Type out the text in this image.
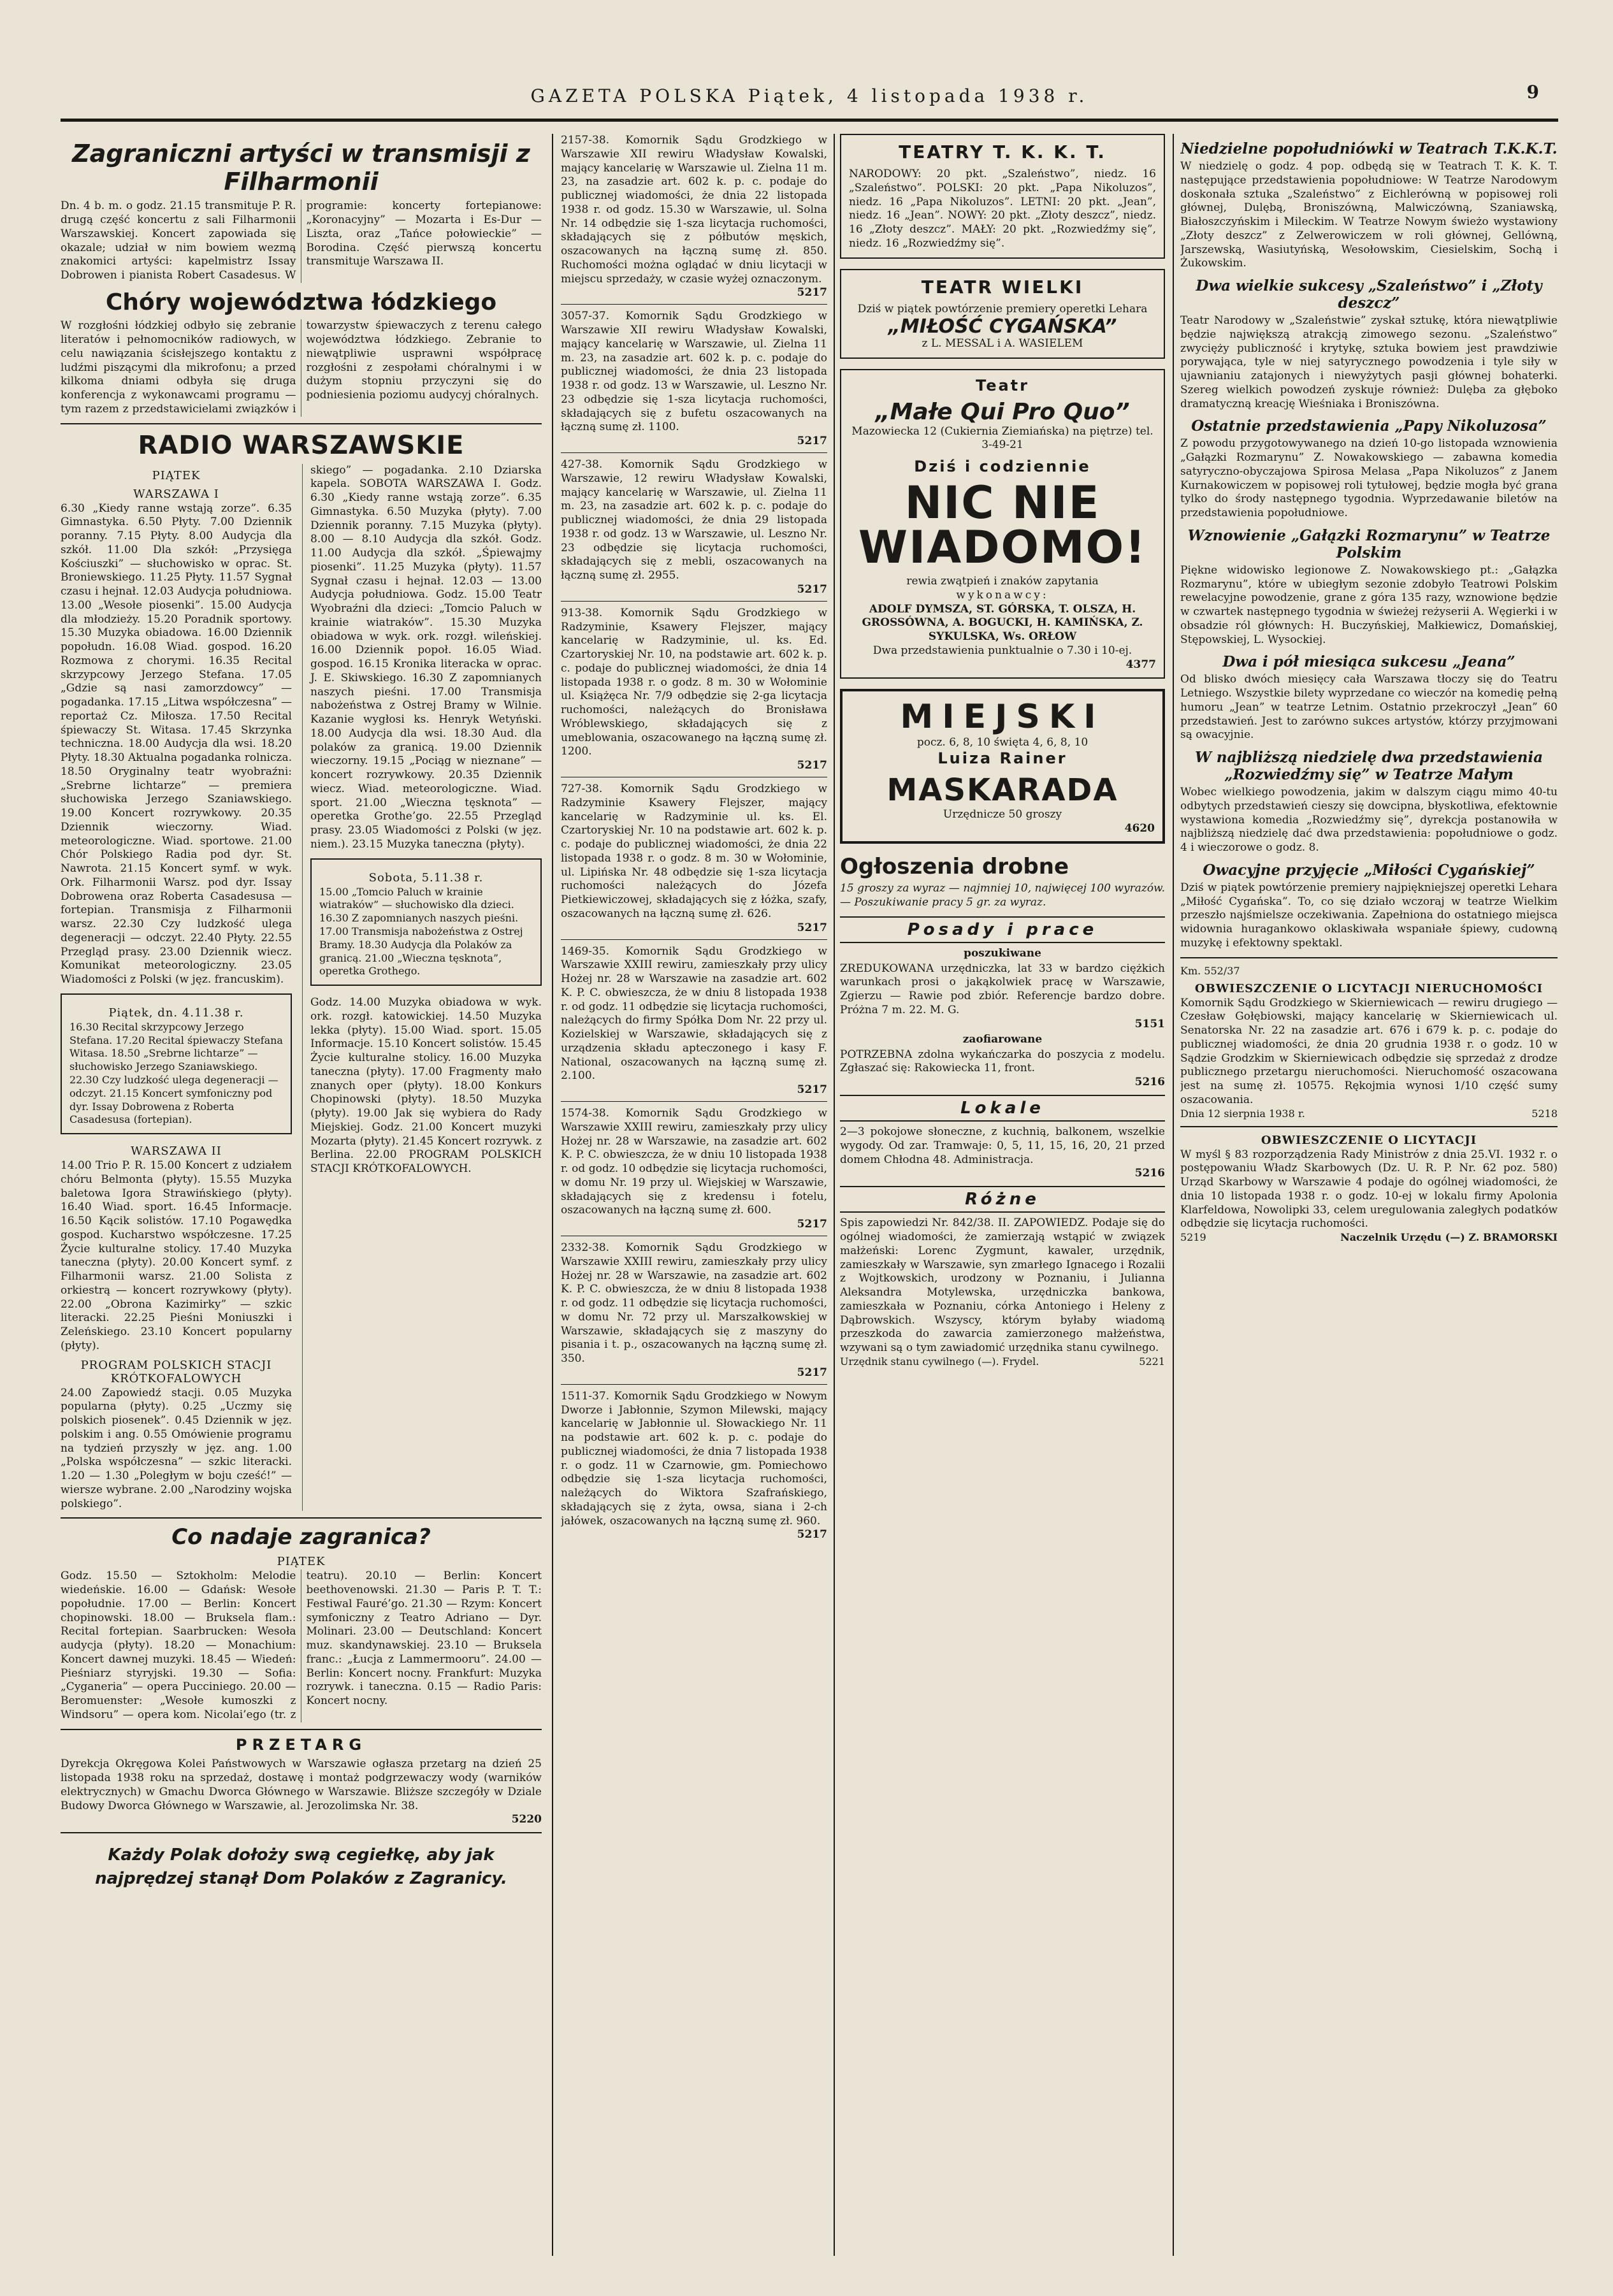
GAZETA POLSKA Piątek, 4 listopada 1938 r.	9
Zagraniczni artyści w transmisji z Filharmonii
Dn. 4 b. m. o godz. 21.15 transmituje P. R. drugą część koncertu z sali Filharmonii Warszawskiej. Koncert zapowiada się okazale; udział w nim bowiem wezmą znakomici artyści: kapelmistrz Issay Dobrowen i pianista Robert Casadesus. W programie: koncerty fortepianowe: „Koronacyjny” — Mozarta i Es-Dur — Liszta, oraz „Tańce połowieckie” — Borodina. Część pierwszą koncertu transmituje Warszawa II.
Chóry województwa łódzkiego
W rozgłośni łódzkiej odbyło się zebranie literatów i pełnomocników radiowych, w celu nawiązania ścisłejszego kontaktu z ludźmi piszącymi dla mikrofonu; a przed kilkoma dniami odbyła się druga konferencja z wykonawcami programu — tym razem z przedstawicielami związków i towarzystw śpiewaczych z terenu całego województwa łódzkiego. Zebranie to niewątpliwie usprawni współpracę rozgłośni z zespołami chóralnymi i w dużym stopniu przyczyni się do podniesienia poziomu audycyj chóralnych.
RADIO WARSZAWSKIE
PIĄTEK
WARSZAWA I
6.30 „Kiedy ranne wstają zorze”. 6.35 Gimnastyka. 6.50 Płyty. 7.00 Dziennik poranny. 7.15 Płyty. 8.00 Audycja dla szkół. 11.00 Dla szkół: „Przysięga Kościuszki” — słuchowisko w oprac. St. Broniewskiego. 11.25 Płyty. 11.57 Sygnał czasu i hejnał. 12.03 Audycja południowa. 13.00 „Wesołe piosenki”. 15.00 Audycja dla młodzieży. 15.20 Poradnik sportowy. 15.30 Muzyka obiadowa. 16.00 Dziennik popołudn. 16.08 Wiad. gospod. 16.20 Rozmowa z chorymi. 16.35 Recital skrzypcowy Jerzego Stefana. 17.05 „Gdzie są nasi zamorzdowcy” — pogadanka. 17.15 „Litwa współczesna” — reportaż Cz. Miłosza. 17.50 Recital śpiewaczy St. Witasa. 17.45 Skrzynka techniczna. 18.00 Audycja dla wsi. 18.20 Płyty. 18.30 Aktualna pogadanka rolnicza. 18.50 Oryginalny teatr wyobraźni: „Srebrne lichtarze” — premiera słuchowiska Jerzego Szaniawskiego. 19.00 Koncert rozrywkowy. 20.35 Dziennik wieczorny. Wiad. meteorologiczne. Wiad. sportowe. 21.00 Chór Polskiego Radia pod dyr. St. Nawrota. 21.15 Koncert symf. w wyk. Ork. Filharmonii Warsz. pod dyr. Issay Dobrowena oraz Roberta Casadesusa — fortepian. Transmisja z Filharmonii warsz. 22.30 Czy ludzkość ulega degeneracji — odczyt. 22.40 Płyty. 22.55 Przegląd prasy. 23.00 Dziennik wiecz. Komunikat meteorologiczny. 23.05 Wiadomości z Polski (w jęz. francuskim).
Piątek, dn. 4.11.38 r.
16.30 Recital skrzypcowy Jerzego Stefana. 17.20 Recital śpiewaczy Stefana Witasa. 18.50 „Srebrne lichtarze” — słuchowisko Jerzego Szaniawskiego. 22.30 Czy ludzkość ulega degeneracji — odczyt. 21.15 Koncert symfoniczny pod dyr. Issay Dobrowena z Roberta Casadesusa (fortepian).
WARSZAWA II
14.00 Trio P. R. 15.00 Koncert z udziałem chóru Belmonta (płyty). 15.55 Muzyka baletowa Igora Strawińskiego (płyty). 16.40 Wiad. sport. 16.45 Informacje. 16.50 Kącik solistów. 17.10 Pogawędka gospod. Kucharstwo współczesne. 17.25 Życie kulturalne stolicy. 17.40 Muzyka taneczna (płyty). 20.00 Koncert symf. z Filharmonii warsz. 21.00 Solista z orkiestrą — koncert rozrywkowy (płyty). 22.00 „Obrona Kazimirky” — szkic literacki. 22.25 Pieśni Moniuszki i Zeleńskiego. 23.10 Koncert popularny (płyty).
PROGRAM POLSKICH STACJI KRÓTKOFALOWYCH
24.00 Zapowiedź stacji. 0.05 Muzyka popularna (płyty). 0.25 „Uczmy się polskich piosenek”. 0.45 Dziennik w jęz. polskim i ang. 0.55 Omówienie programu na tydzień przyszły w jęz. ang. 1.00 „Polska współczesna” — szkic literacki. 1.20 — 1.30 „Poległym w boju cześć!” — wiersze wybrane. 2.00 „Narodziny wojska polskiego”.
skiego” — pogadanka. 2.10 Dziarska kapela. SOBOTA WARSZAWA I. Godz. 6.30 „Kiedy ranne wstają zorze”. 6.35 Gimnastyka. 6.50 Muzyka (płyty). 7.00 Dziennik poranny. 7.15 Muzyka (płyty). 8.00 — 8.10 Audycja dla szkół. Godz. 11.00 Audycja dla szkół. „Śpiewajmy piosenki”. 11.25 Muzyka (płyty). 11.57 Sygnał czasu i hejnał. 12.03 — 13.00 Audycja południowa. Godz. 15.00 Teatr Wyobraźni dla dzieci: „Tomcio Paluch w krainie wiatraków”. 15.30 Muzyka obiadowa w wyk. ork. rozgł. wileńskiej. 16.00 Dziennik popoł. 16.05 Wiad. gospod. 16.15 Kronika literacka w oprac. J. E. Skiwskiego. 16.30 Z zapomnianych naszych pieśni. 17.00 Transmisja nabożeństwa z Ostrej Bramy w Wilnie. Kazanie wygłosi ks. Henryk Wetyński. 18.00 Audycja dla wsi. 18.30 Aud. dla polaków za granicą. 19.00 Dziennik wieczorny. 19.15 „Pociąg w nieznane” — koncert rozrywkowy. 20.35 Dziennik wiecz. Wiad. meteorologiczne. Wiad. sport. 21.00 „Wieczna tęsknota” — operetka Grothe’go. 22.55 Przegląd prasy. 23.05 Wiadomości z Polski (w jęz. niem.). 23.15 Muzyka taneczna (płyty).
Sobota, 5.11.38 r.
15.00 „Tomcio Paluch w krainie wiatraków” — słuchowisko dla dzieci. 16.30 Z zapomnianych naszych pieśni. 17.00 Transmisja nabożeństwa z Ostrej Bramy. 18.30 Audycja dla Polaków za granicą. 21.00 „Wieczna tęsknota”, operetka Grothego.
Godz. 14.00 Muzyka obiadowa w wyk. ork. rozgł. katowickiej. 14.50 Muzyka lekka (płyty). 15.00 Wiad. sport. 15.05 Informacje. 15.10 Koncert solistów. 15.45 Życie kulturalne stolicy. 16.00 Muzyka taneczna (płyty). 17.00 Fragmenty mało znanych oper (płyty). 18.00 Konkurs Chopinowski (płyty). 18.50 Muzyka (płyty). 19.00 Jak się wybiera do Rady Miejskiej. Godz. 21.00 Koncert muzyki Mozarta (płyty). 21.45 Koncert rozrywk. z Berlina. 22.00 PROGRAM POLSKICH STACJI KRÓTKOFALOWYCH.
Co nadaje zagranica?
PIĄTEK
Godz. 15.50 — Sztokholm: Melodie wiedeńskie. 16.00 — Gdańsk: Wesołe popołudnie. 17.00 — Berlin: Koncert chopinowski. 18.00 — Bruksela flam.: Recital fortepian. Saarbrucken: Wesoła audycja (płyty). 18.20 — Monachium: Koncert dawnej muzyki. 18.45 — Wiedeń: Pieśniarz styryjski. 19.30 — Sofia: „Cyganeria” — opera Pucciniego. 20.00 — Beromuenster: „Wesołe kumoszki z Windsoru” — opera kom. Nicolai’ego (tr. z teatru). 20.10 — Berlin: Koncert beethovenowski. 21.30 — Paris P. T. T.: Festiwal Fauré’go. 21.30 — Rzym: Koncert symfoniczny z Teatro Adriano — Dyr. Molinari. 23.00 — Deutschland: Koncert muz. skandynawskiej. 23.10 — Bruksela franc.: „Łucja z Lammermooru”. 24.00 — Berlin: Koncert nocny. Frankfurt: Muzyka rozrywk. i taneczna. 0.15 — Radio Paris: Koncert nocny.
PRZETARG
Dyrekcja Okręgowa Kolei Państwowych w Warszawie ogłasza przetarg na dzień 25 listopada 1938 roku na sprzedaż, dostawę i montaż podgrzewaczy wody (warników elektrycznych) w Gmachu Dworca Głównego w Warszawie. Bliższe szczegóły w Dziale Budowy Dworca Głównego w Warszawie, al. Jerozolimska Nr. 38.
5220
Każdy Polak dołoży swą cegiełkę, aby jak najprędzej stanął Dom Polaków z Zagranicy.
2157-38. Komornik Sądu Grodzkiego w Warszawie XII rewiru Władysław Kowalski, mający kancelarię w Warszawie ul. Zielna 11 m. 23, na zasadzie art. 602 k. p. c. podaje do publicznej wiadomości, że dnia 22 listopada 1938 r. od godz. 15.30 w Warszawie, ul. Solna Nr. 14 odbędzie się 1-sza licytacja ruchomości, składających się z półbutów męskich, oszacowanych na łączną sumę zł. 850. Ruchomości można oglądać w dniu licytacji w miejscu sprzedaży, w czasie wyżej oznaczonym.
5217
3057-37. Komornik Sądu Grodzkiego w Warszawie XII rewiru Władysław Kowalski, mający kancelarię w Warszawie, ul. Zielna 11 m. 23, na zasadzie art. 602 k. p. c. podaje do publicznej wiadomości, że dnia 23 listopada 1938 r. od godz. 13 w Warszawie, ul. Leszno Nr. 23 odbędzie się 1-sza licytacja ruchomości, składających się z bufetu oszacowanych na łączną sumę zł. 1100.
5217
427-38. Komornik Sądu Grodzkiego w Warszawie, 12 rewiru Władysław Kowalski, mający kancelarię w Warszawie, ul. Zielna 11 m. 23, na zasadzie art. 602 k. p. c. podaje do publicznej wiadomości, że dnia 29 listopada 1938 r. od godz. 13 w Warszawie, ul. Leszno Nr. 23 odbędzie się licytacja ruchomości, składających się z mebli, oszacowanych na łączną sumę zł. 2955.
5217
913-38. Komornik Sądu Grodzkiego w Radzyminie, Ksawery Flejszer, mający kancelarię w Radzyminie, ul. ks. Ed. Czartoryskiej Nr. 10, na podstawie art. 602 k. p. c. podaje do publicznej wiadomości, że dnia 14 listopada 1938 r. o godz. 8 m. 30 w Wołominie ul. Książęca Nr. 7/9 odbędzie się 2-ga licytacja ruchomości, należących do Bronisława Wróblewskiego, składających się z umeblowania, oszacowanego na łączną sumę zł. 1200.
5217
727-38. Komornik Sądu Grodzkiego w Radzyminie Ksawery Flejszer, mający kancelarię w Radzyminie ul. ks. El. Czartoryskiej Nr. 10 na podstawie art. 602 k. p. c. podaje do publicznej wiadomości, że dnia 22 listopada 1938 r. o godz. 8 m. 30 w Wołominie, ul. Lipińska Nr. 48 odbędzie się 1-sza licytacja ruchomości należących do Józefa Pietkiewiczowej, składających się z łóżka, szafy, oszacowanych na łączną sumę zł. 626.
5217
1469-35. Komornik Sądu Grodzkiego w Warszawie XXIII rewiru, zamieszkały przy ulicy Hożej nr. 28 w Warszawie na zasadzie art. 602 K. P. C. obwieszcza, że w dniu 8 listopada 1938 r. od godz. 11 odbędzie się licytacja ruchomości, należących do firmy Spółka Dom Nr. 22 przy ul. Kozielskiej w Warszawie, składających się z urządzenia składu apteczonego i kasy F. National, oszacowanych na łączną sumę zł. 2.100.
5217
1574-38. Komornik Sądu Grodzkiego w Warszawie XXIII rewiru, zamieszkały przy ulicy Hożej nr. 28 w Warszawie, na zasadzie art. 602 K. P. C. obwieszcza, że w dniu 10 listopada 1938 r. od godz. 10 odbędzie się licytacja ruchomości, w domu Nr. 19 przy ul. Wiejskiej w Warszawie, składających się z kredensu i fotelu, oszacowanych na łączną sumę zł. 600.
5217
2332-38. Komornik Sądu Grodzkiego w Warszawie XXIII rewiru, zamieszkały przy ulicy Hożej nr. 28 w Warszawie, na zasadzie art. 602 K. P. C. obwieszcza, że w dniu 8 listopada 1938 r. od godz. 11 odbędzie się licytacja ruchomości, w domu Nr. 72 przy ul. Marszałkowskiej w Warszawie, składających się z maszyny do pisania i t. p., oszacowanych na łączną sumę zł. 350.
5217
1511-37. Komornik Sądu Grodzkiego w Nowym Dworze i Jabłonnie, Szymon Milewski, mający kancelarię w Jabłonnie ul. Słowackiego Nr. 11 na podstawie art. 602 k. p. c. podaje do publicznej wiadomości, że dnia 7 listopada 1938 r. o godz. 11 w Czarnowie, gm. Pomiechowo odbędzie się 1-sza licytacja ruchomości, należących do Wiktora Szafrańskiego, składających się z żyta, owsa, siana i 2-ch jałówek, oszacowanych na łączną sumę zł. 960.
5217
TEATRY T. K. K. T.
NARODOWY: 20 pkt. „Szaleństwo”, niedz. 16 „Szaleństwo”. POLSKI: 20 pkt. „Papa Nikoluzos”, niedz. 16 „Papa Nikoluzos”. LETNI: 20 pkt. „Jean”, niedz. 16 „Jean”. NOWY: 20 pkt. „Złoty deszcz”, niedz. 16 „Złoty deszcz”. MAŁY: 20 pkt. „Rozwiedźmy się”, niedz. 16 „Rozwiedźmy się”.
TEATR WIELKI
Dziś w piątek powtórzenie premiery operetki Lehara
„MIŁOŚĆ CYGAŃSKA”
z L. MESSAL i A. WASIELEM
Teatr
„Małe Qui Pro Quo”
Mazowiecka 12 (Cukiernia Ziemiańska) na piętrze) tel. 3-49-21
Dziś i codziennie
NIC NIE WIADOMO!
rewia zwątpień i znaków zapytania
wykonawcy:
ADOLF DYMSZA, ST. GÓRSKA, T. OLSZA, H. GROSSÓWNA, A. BOGUCKI, H. KAMIŃSKA, Z. SYKULSKA, Ws. ORŁOW
Dwa przedstawienia punktualnie o 7.30 i 10-ej.
4377
MIEJSKI
pocz. 6, 8, 10 święta 4, 6, 8, 10
Luiza Rainer
MASKARADA
Urzędnicze 50 groszy
4620
Ogłoszenia drobne
15 groszy za wyraz — najmniej 10, najwięcej 100 wyrazów. — Poszukiwanie pracy 5 gr. za wyraz.
Posady i prace
poszukiwane
ZREDUKOWANA urzędniczka, lat 33 w bardzo ciężkich warunkach prosi o jakąkolwiek pracę w Warszawie, Zgierzu — Rawie pod zbiór. Referencje bardzo dobre. Próżna 7 m. 22. M. G.
5151
zaofiarowane
POTRZEBNA zdolna wykańczarka do poszycia z modelu. Zgłaszać się: Rakowiecka 11, front.
5216
Lokale
2—3 pokojowe słoneczne, z kuchnią, balkonem, wszelkie wygody. Od zar. Tramwaje: 0, 5, 11, 15, 16, 20, 21 przed domem Chłodna 48. Administracja.
5216
Różne
Spis zapowiedzi Nr. 842/38. II. ZAPOWIEDZ. Podaje się do ogólnej wiadomości, że zamierzają wstąpić w związek małżeński: Lorenc Zygmunt, kawaler, urzędnik, zamieszkały w Warszawie, syn zmarłego Ignacego i Rozalii z Wojtkowskich, urodzony w Poznaniu, i Julianna Aleksandra Motylewska, urzędniczka bankowa, zamieszkała w Poznaniu, córka Antoniego i Heleny z Dąbrowskich. Wszyscy, którym byłaby wiadomą przeszkoda do zawarcia zamierzonego małżeństwa, wzywani są o tym zawiadomić urzędnika stanu cywilnego.
Urzędnik stanu cywilnego (—). Frydel.	5221
Niedzielne popołudniówki w Teatrach T.K.K.T.
W niedzielę o godz. 4 pop. odbędą się w Teatrach T. K. K. T. następujące przedstawienia popołudniowe: W Teatrze Narodowym doskonała sztuka „Szaleństwo” z Eichlerówną w popisowej roli głównej, Dulębą, Broniszówną, Malwiczówną, Szaniawską, Białoszczyńskim i Mileckim. W Teatrze Nowym świeżo wystawiony „Złoty deszcz” z Zelwerowiczem w roli głównej, Gellówną, Jarszewską, Wasiutyńską, Wesołowskim, Ciesielskim, Sochą i Żukowskim.
Dwa wielkie sukcesy „Szaleństwo” i „Złoty deszcz”
Teatr Narodowy w „Szaleństwie” zyskał sztukę, która niewątpliwie będzie największą atrakcją zimowego sezonu. „Szaleństwo” zwycięży publiczność i krytykę, sztuka bowiem jest prawdziwie porywająca, tyle w niej satyrycznego powodzenia i tyle siły w ujawnianiu zatajonych i niewyżytych pasji głównej bohaterki. Szereg wielkich powodzeń zyskuje również: Dulęba za głęboko dramatyczną kreację Wieśniaka i Broniszówna.
Ostatnie przedstawienia „Papy Nikoluzosa”
Z powodu przygotowywanego na dzień 10-go listopada wznowienia „Gałązki Rozmarynu” Z. Nowakowskiego — zabawna komedia satyryczno-obyczajowa Spirosa Melasa „Papa Nikoluzos” z Janem Kurnakowiczem w popisowej roli tytułowej, będzie mogła być grana tylko do środy następnego tygodnia. Wyprzedawanie biletów na przedstawienia popołudniowe.
Wznowienie „Gałązki Rozmarynu” w Teatrze Polskim
Piękne widowisko legionowe Z. Nowakowskiego pt.: „Gałązka Rozmarynu”, które w ubiegłym sezonie zdobyło Teatrowi Polskim rewelacyjne powodzenie, grane z góra 135 razy, wznowione będzie w czwartek następnego tygodnia w świeżej reżyserii A. Węgierki i w obsadzie ról głównych: H. Buczyńskiej, Małkiewicz, Domańskiej, Stępowskiej, L. Wysockiej.
Dwa i pół miesiąca sukcesu „Jeana”
Od blisko dwóch miesięcy cała Warszawa tłoczy się do Teatru Letniego. Wszystkie bilety wyprzedane co wieczór na komedię pełną humoru „Jean” w teatrze Letnim. Ostatnio przekroczył „Jean” 60 przedstawień. Jest to zarówno sukces artystów, którzy przyjmowani są owacyjnie.
W najbliższą niedzielę dwa przedstawienia „Rozwiedźmy się” w Teatrze Małym
Wobec wielkiego powodzenia, jakim w dalszym ciągu mimo 40-tu odbytych przedstawień cieszy się dowcipna, błyskotliwa, efektownie wystawiona komedia „Rozwiedźmy się”, dyrekcja postanowiła w najbliższą niedzielę dać dwa przedstawienia: popołudniowe o godz. 4 i wieczorowe o godz. 8.
Owacyjne przyjęcie „Miłości Cygańskiej”
Dziś w piątek powtórzenie premiery najpiękniejszej operetki Lehara „Miłość Cygańska”. To, co się działo wczoraj w teatrze Wielkim przeszło najśmielsze oczekiwania. Zapełniona do ostatniego miejsca widownia huragankowo oklaskiwała wspaniałe śpiewy, cudowną muzykę i efektowny spektakl.
Km. 552/37
OBWIESZCZENIE O LICYTACJI NIERUCHOMOŚCI
Komornik Sądu Grodzkiego w Skierniewicach — rewiru drugiego — Czesław Gołębiowski, mający kancelarię w Skierniewicach ul. Senatorska Nr. 22 na zasadzie art. 676 i 679 k. p. c. podaje do publicznej wiadomości, że dnia 20 grudnia 1938 r. o godz. 10 w Sądzie Grodzkim w Skierniewicach odbędzie się sprzedaż z drodze publicznego przetargu nieruchomości. Nieruchomość oszacowana jest na sumę zł. 10575. Rękojmia wynosi 1/10 część sumy oszacowania.
Dnia 12 sierpnia 1938 r.	5218
OBWIESZCZENIE O LICYTACJI
W myśl § 83 rozporządzenia Rady Ministrów z dnia 25.VI. 1932 r. o postępowaniu Władz Skarbowych (Dz. U. R. P. Nr. 62 poz. 580) Urząd Skarbowy w Warszawie 4 podaje do ogólnej wiadomości, że dnia 10 listopada 1938 r. o godz. 10-ej w lokalu firmy Apolonia Klarfeldowa, Nowolipki 33, celem uregulowania zaległych podatków odbędzie się licytacja ruchomości.
5219	Naczelnik Urzędu (—) Z. BRAMORSKI
